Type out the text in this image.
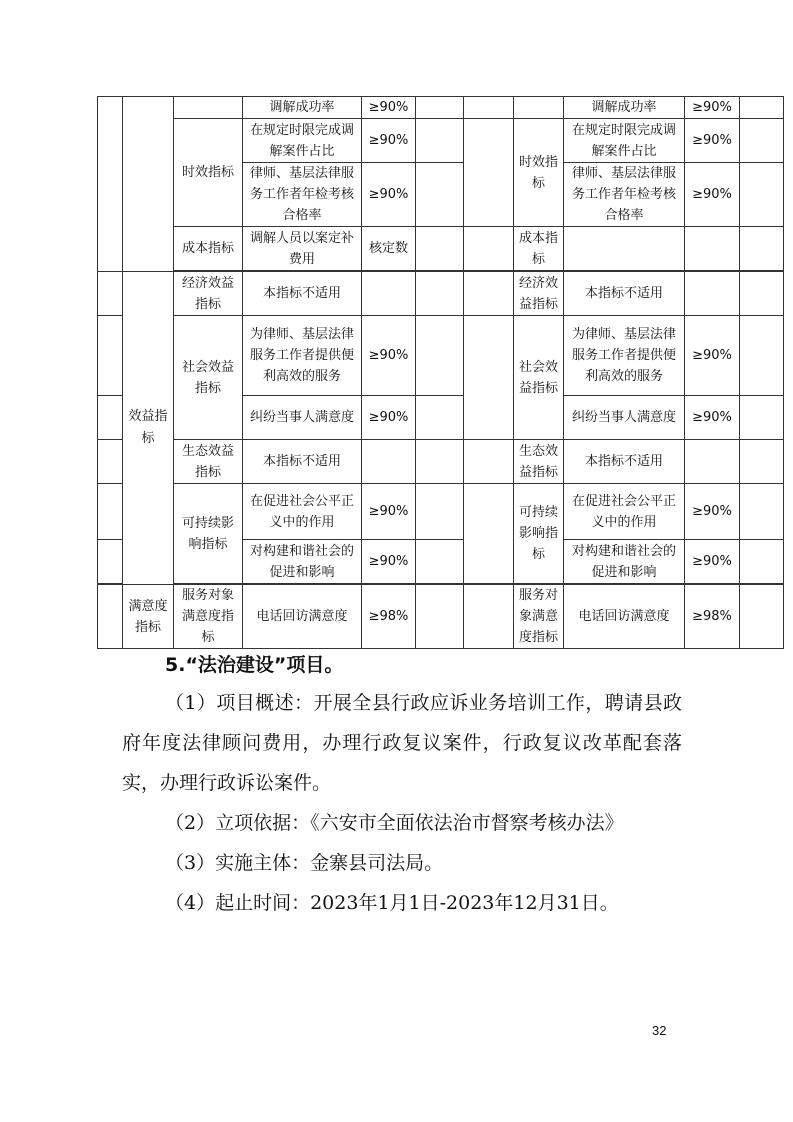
			调解成功率	≥90%				调解成功率	≥90%	
		时效指标	在规定时限完成调解案件占比	≥90%			时效指标	在规定时限完成调解案件占比	≥90%	
			律师、基层法律服务工作者年检考核合格率	≥90%				律师、基层法律服务工作者年检考核合格率	≥90%	
		成本指标	调解人员以案定补费用	核定数			成本指标			

	效益指标	经济效益指标	本指标不适用				经济效益指标	本指标不适用		
		社会效益指标	为律师、基层法律服务工作者提供便利高效的服务	≥90%			社会效益指标	为律师、基层法律服务工作者提供便利高效的服务	≥90%	
			纠纷当事人满意度	≥90%				纠纷当事人满意度	≥90%	
		生态效益指标	本指标不适用				生态效益指标	本指标不适用		
		可持续影响指标	在促进社会公平正义中的作用	≥90%			可持续影响指标	在促进社会公平正义中的作用	≥90%	
			对构建和谐社会的促进和影响	≥90%				对构建和谐社会的促进和影响	≥90%	

	满意度指标	服务对象满意度指标	电话回访满意度	≥98%			服务对象满意度指标	电话回访满意度	≥98%	
5.“法治建设”项目。
（1）项目概述：开展全县行政应诉业务培训工作，聘请县政府年度法律顾问费用，办理行政复议案件，行政复议改革配套落实，办理行政诉讼案件。
（2）立项依据：《六安市全面依法治市督察考核办法》
（3）实施主体：金寨县司法局。
（4）起止时间：2023年1月1日-2023年12月31日。
32
